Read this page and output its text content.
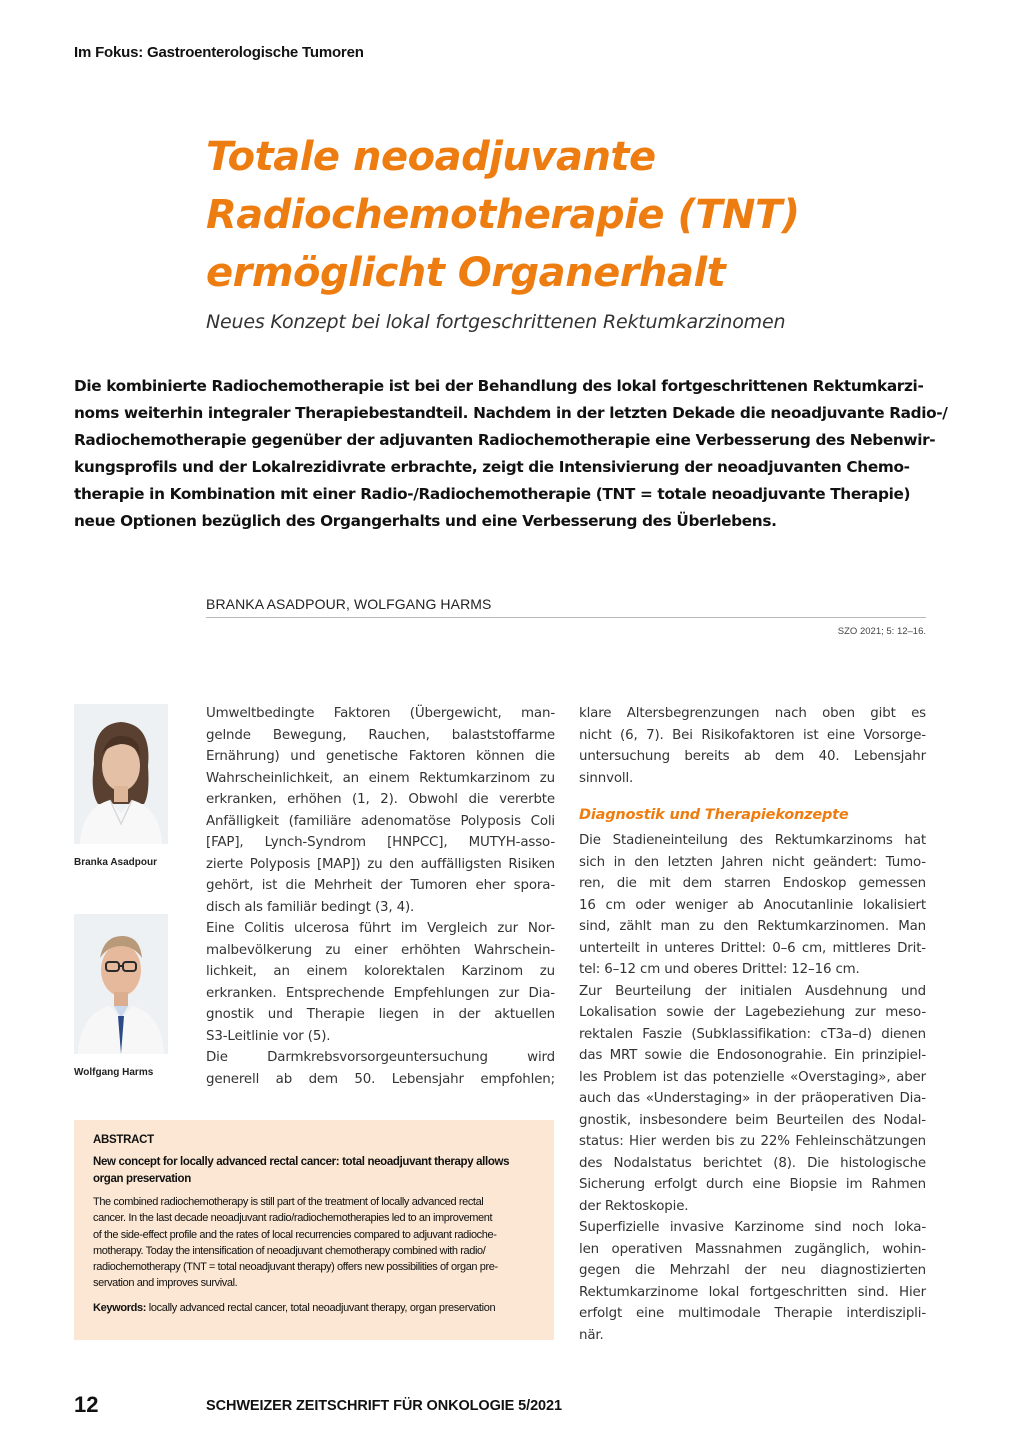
Im Fokus: Gastroenterologische Tumoren
Totale neoadjuvante
Radiochemotherapie (TNT)
ermöglicht Organerhalt
Neues Konzept bei lokal fortgeschrittenen Rektumkarzinomen
Die kombinierte Radiochemotherapie ist bei der Behandlung des lokal fortgeschrittenen Rektumkarzi-
noms weiterhin integraler Therapiebestandteil. Nachdem in der letzten Dekade die neoadjuvante Radio-/
Radiochemotherapie gegenüber der adjuvanten Radiochemotherapie eine Verbesserung des Nebenwir-
kungsprofils und der Lokalrezidivrate erbrachte, zeigt die Intensivierung der neoadjuvanten Chemo-
therapie in Kombination mit einer Radio-/Radiochemotherapie (TNT = totale neoadjuvante Therapie)
neue Optionen bezüglich des Organgerhalts und eine Verbesserung des Überlebens.
BRANKA ASADPOUR, WOLFGANG HARMS
SZO 2021; 5: 12–16.
Branka Asadpour
Wolfgang Harms
Umweltbedingte Faktoren (Übergewicht, man-
gelnde Bewegung, Rauchen, balaststoffarme
Ernährung) und genetische Faktoren können die
Wahrscheinlichkeit, an einem Rektumkarzinom zu
erkranken, erhöhen (1, 2). Obwohl die vererbte
Anfälligkeit (familiäre adenomatöse Polyposis Coli
[FAP], Lynch-Syndrom [HNPCC], MUTYH-asso-
zierte Polyposis [MAP]) zu den auffälligsten Risiken
gehört, ist die Mehrheit der Tumoren eher spora-
disch als familiär bedingt (3, 4).
Eine Colitis ulcerosa führt im Vergleich zur Nor-
malbevölkerung zu einer erhöhten Wahrschein-
lichkeit, an einem kolorektalen Karzinom zu
erkranken. Entsprechende Empfehlungen zur Dia-
gnostik und Therapie liegen in der aktuellen
S3-Leitlinie vor (5).
Die Darmkrebsvorsorgeuntersuchung wird
generell ab dem 50. Lebensjahr empfohlen;
klare Altersbegrenzungen nach oben gibt es
nicht (6, 7). Bei Risikofaktoren ist eine Vorsorge-
untersuchung bereits ab dem 40. Lebensjahr
sinnvoll.
Diagnostik und Therapiekonzepte
Die Stadieneinteilung des Rektumkarzinoms hat
sich in den letzten Jahren nicht geändert: Tumo-
ren, die mit dem starren Endoskop gemessen
16 cm oder weniger ab Anocutanlinie lokalisiert
sind, zählt man zu den Rektumkarzinomen. Man
unterteilt in unteres Drittel: 0–6 cm, mittleres Drit-
tel: 6–12 cm und oberes Drittel: 12–16 cm.
Zur Beurteilung der initialen Ausdehnung und
Lokalisation sowie der Lagebeziehung zur meso-
rektalen Faszie (Subklassifikation: cT3a–d) dienen
das MRT sowie die Endosonograhie. Ein prinzipiel-
les Problem ist das potenzielle «Overstaging», aber
auch das «Understaging» in der präoperativen Dia-
gnostik, insbesondere beim Beurteilen des Nodal-
status: Hier werden bis zu 22% Fehleinschätzungen
des Nodalstatus berichtet (8). Die histologische
Sicherung erfolgt durch eine Biopsie im Rahmen
der Rektoskopie.
Superfizielle invasive Karzinome sind noch loka-
len operativen Massnahmen zugänglich, wohin-
gegen die Mehrzahl der neu diagnostizierten
Rektumkarzinome lokal fortgeschritten sind. Hier
erfolgt eine multimodale Therapie interdiszipli-
när.
ABSTRACT
New concept for locally advanced rectal cancer: total neoadjuvant therapy allows
organ preservation
The combined radiochemotherapy is still part of the treatment of locally advanced rectal
cancer. In the last decade neoadjuvant radio/radiochemotherapies led to an improvement
of the side-effect profile and the rates of local recurrencies compared to adjuvant radioche-
motherapy. Today the intensification of neoadjuvant chemotherapy combined with radio/
radiochemotherapy (TNT = total neoadjuvant therapy) offers new possibilities of organ pre-
servation and improves survival.
Keywords: locally advanced rectal cancer, total neoadjuvant therapy, organ preservation
12	SCHWEIZER ZEITSCHRIFT FÜR ONKOLOGIE 5/2021
